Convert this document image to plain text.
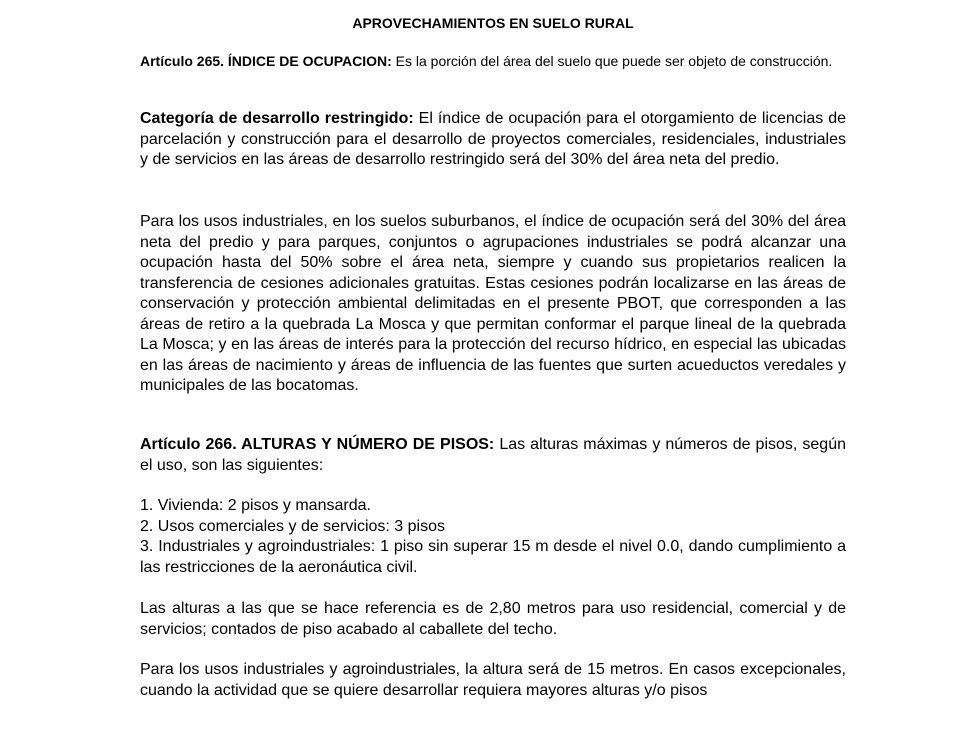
APROVECHAMIENTOS EN SUELO RURAL

Artículo 265. ÍNDICE DE OCUPACION: Es la porción del área del suelo que puede ser objeto de construcción.

Categoría de desarrollo restringido: El índice de ocupación para el otorgamiento de licencias de parcelación y construcción para el desarrollo de proyectos comerciales, residenciales, industriales y de servicios en las áreas de desarrollo restringido será del 30% del área neta del predio.

Para los usos industriales, en los suelos suburbanos, el índice de ocupación será del 30% del área neta del predio y para parques, conjuntos o agrupaciones industriales se podrá alcanzar una ocupación hasta del 50% sobre el área neta, siempre y cuando sus propietarios realicen la transferencia de cesiones adicionales gratuitas. Estas cesiones podrán localizarse en las áreas de conservación y protección ambiental delimitadas en el presente PBOT, que corresponden a las áreas de retiro a la quebrada La Mosca y que permitan conformar el parque lineal de la quebrada La Mosca; y en las áreas de interés para la protección del recurso hídrico, en especial las ubicadas en las áreas de nacimiento y áreas de influencia de las fuentes que surten acueductos veredales y municipales de las bocatomas.

Artículo 266. ALTURAS Y NÚMERO DE PISOS: Las alturas máximas y números de pisos, según el uso, son las siguientes:

1. Vivienda: 2 pisos y mansarda.

2. Usos comerciales y de servicios: 3 pisos

3. Industriales y agroindustriales: 1 piso sin superar 15 m desde el nivel 0.0, dando cumplimiento a las restricciones de la aeronáutica civil.

Las alturas a las que se hace referencia es de 2,80 metros para uso residencial, comercial y de servicios; contados de piso acabado al caballete del techo.

Para los usos industriales y agroindustriales, la altura será de 15 metros. En casos excepcionales, cuando la actividad que se quiere desarrollar requiera mayores alturas y/o pisos
